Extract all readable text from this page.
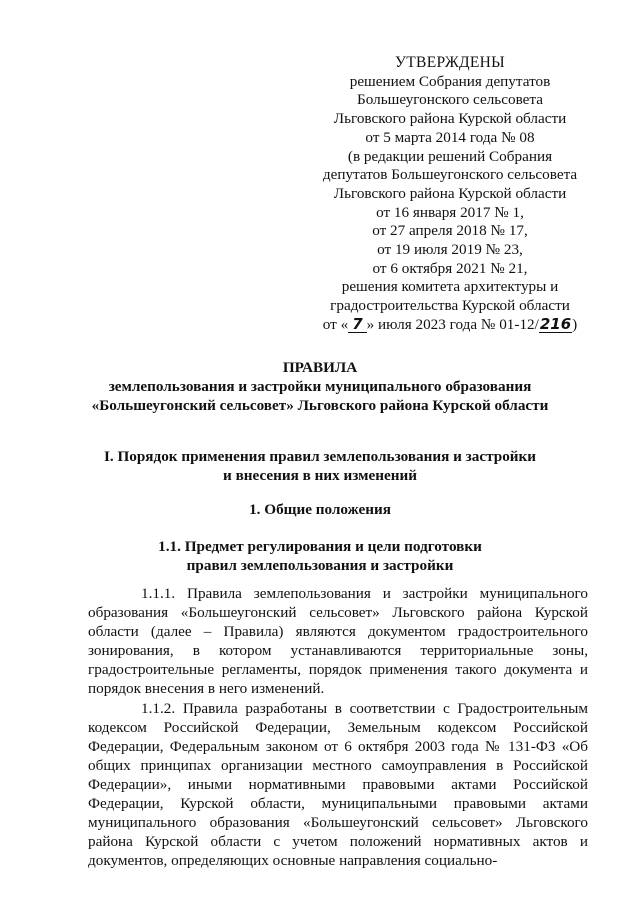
УТВЕРЖДЕНЫ
решением Собрания депутатов
Большеугонского сельсовета
Льговского района Курской области
от 5 марта 2014 года № 08
(в редакции решений Собрания
депутатов Большеугонского сельсовета
Льговского района Курской области
от 16 января 2017 № 1,
от 27 апреля 2018 № 17,
от 19 июля 2019 № 23,
от 6 октября 2021 № 21,
решения комитета архитектуры и
градостроительства Курской области
от « 7 » июля 2023 года № 01-12/216)
ПРАВИЛА
землепользования и застройки муниципального образования
«Большеугонский сельсовет» Льговского района Курской области
I. Порядок применения правил землепользования и застройки
и внесения в них изменений
1. Общие положения
1.1. Предмет регулирования и цели подготовки
правил землепользования и застройки

1.1.1. Правила землепользования и застройки муниципального образования «Большеугонский сельсовет» Льговского района Курской области (далее – Правила) являются документом градостроительного зонирования, в котором устанавливаются территориальные зоны, градостроительные регламенты, порядок применения такого документа и порядок внесения в него изменений.

1.1.2. Правила разработаны в соответствии с Градостроительным кодексом Российской Федерации, Земельным кодексом Российской Федерации, Федеральным законом от 6 октября 2003 года № 131-ФЗ «Об общих принципах организации местного самоуправления в Российской Федерации», иными нормативными правовыми актами Российской Федерации, Курской области, муниципальными правовыми актами муниципального образования «Большеугонский сельсовет» Льговского района Курской области с учетом положений нормативных актов и документов, определяющих основные направления социально-
